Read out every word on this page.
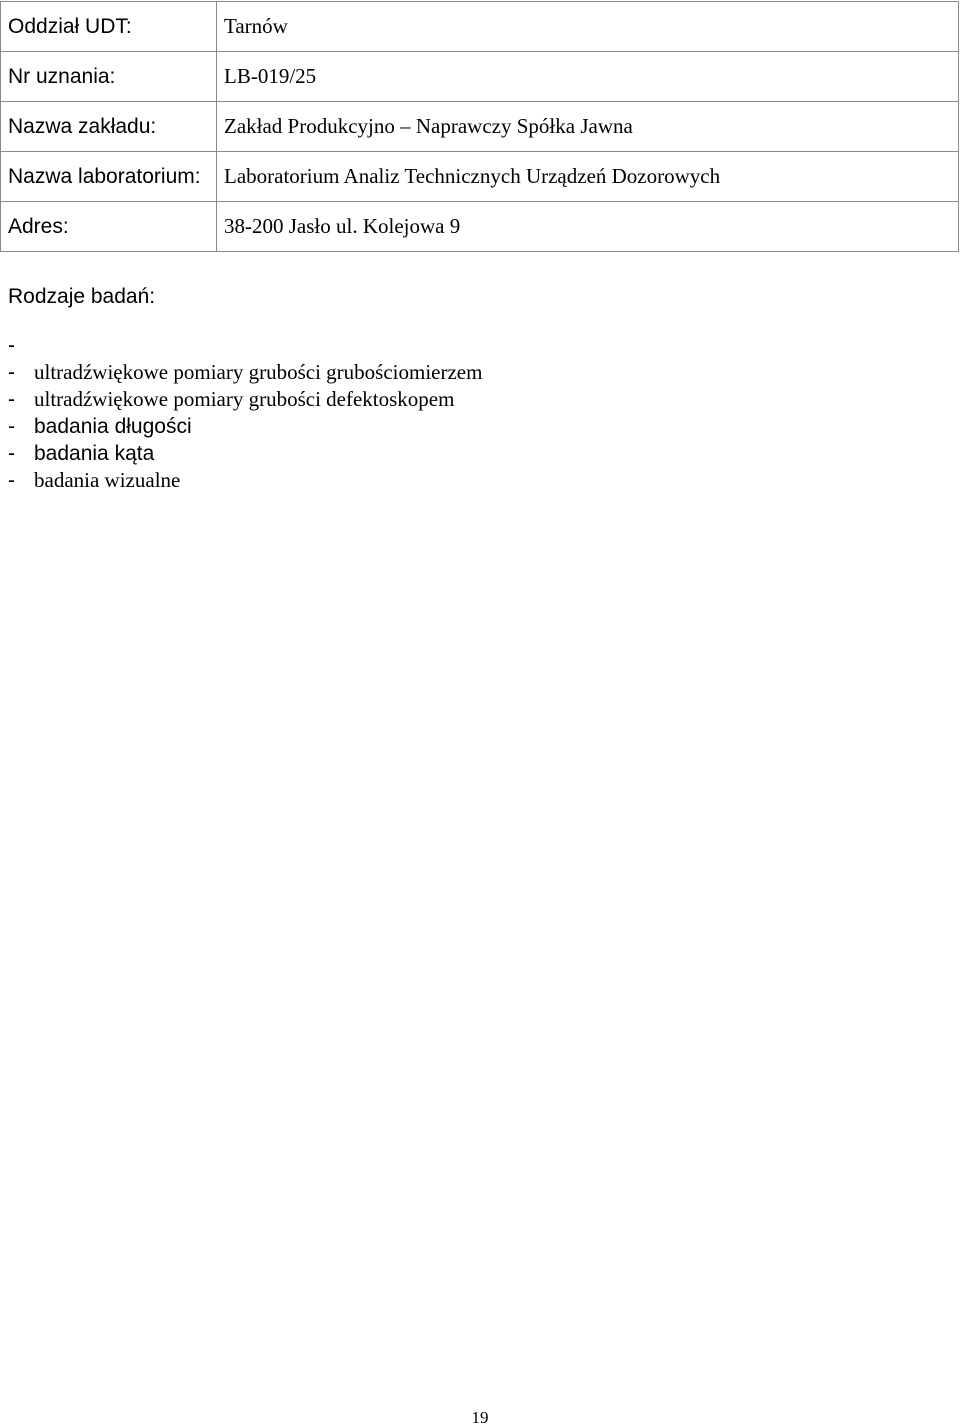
Oddział UDT:	Tarnów
Nr uznania:	LB-019/25
Nazwa zakładu:	Zakład Produkcyjno – Naprawczy Spółka Jawna
Nazwa laboratorium:	Laboratorium Analiz Technicznych Urządzeń Dozorowych
Adres:	38-200 Jasło ul. Kolejowa 9
Rodzaje badań:
-
- ultradźwiękowe pomiary grubości grubościomierzem
- ultradźwiękowe pomiary grubości defektoskopem
- badania długości
- badania kąta
- badania wizualne
19
